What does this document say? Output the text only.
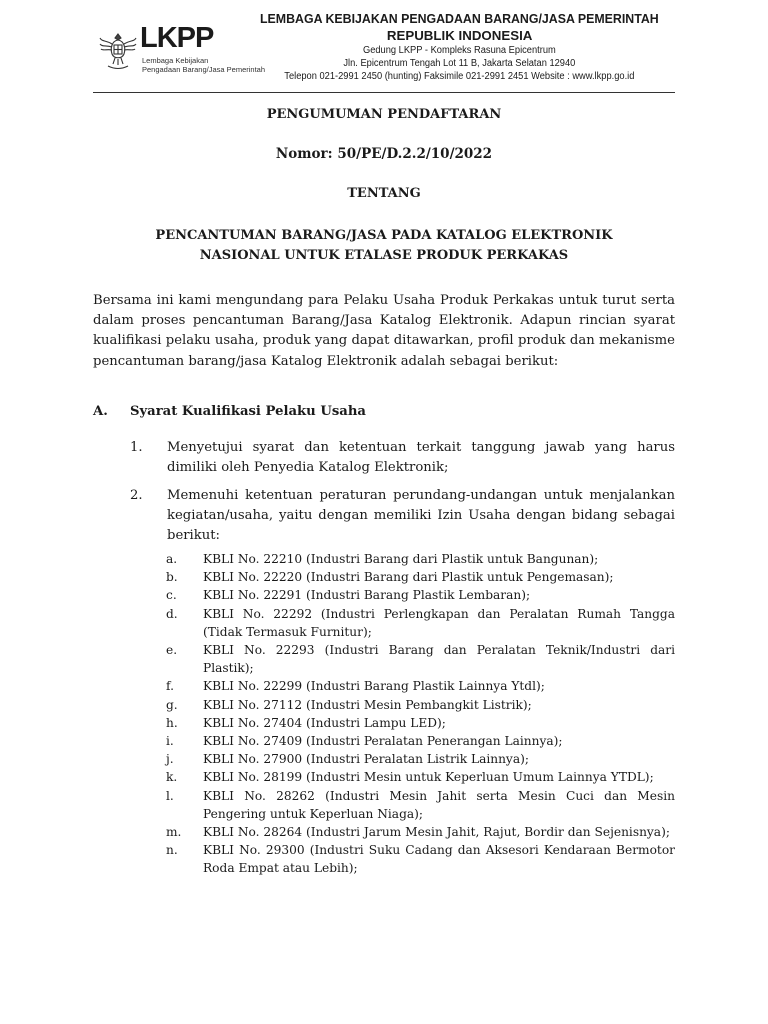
LKPP
Lembaga Kebijakan
Pengadaan Barang/Jasa Pemerintah
LEMBAGA KEBIJAKAN PENGADAAN BARANG/JASA PEMERINTAH
REPUBLIK INDONESIA
Gedung LKPP - Kompleks Rasuna Epicentrum
Jln. Epicentrum Tengah Lot 11 B, Jakarta Selatan 12940
Telepon 021-2991 2450 (hunting) Faksimile 021-2991 2451 Website : www.lkpp.go.id
PENGUMUMAN PENDAFTARAN
Nomor: 50/PE/D.2.2/10/2022
TENTANG
PENCANTUMAN BARANG/JASA PADA KATALOG ELEKTRONIK
NASIONAL UNTUK ETALASE PRODUK PERKAKAS
Bersama ini kami mengundang para Pelaku Usaha Produk Perkakas untuk turut serta dalam proses pencantuman Barang/Jasa Katalog Elektronik. Adapun rincian syarat kualifikasi pelaku usaha, produk yang dapat ditawarkan, profil produk dan mekanisme pencantuman barang/jasa Katalog Elektronik adalah sebagai berikut:
A. Syarat Kualifikasi Pelaku Usaha
1. Menyetujui syarat dan ketentuan terkait tanggung jawab yang harus dimiliki oleh Penyedia Katalog Elektronik;
2. Memenuhi ketentuan peraturan perundang-undangan untuk menjalankan kegiatan/usaha, yaitu dengan memiliki Izin Usaha dengan bidang sebagai berikut:
a. KBLI No. 22210 (Industri Barang dari Plastik untuk Bangunan);
b. KBLI No. 22220 (Industri Barang dari Plastik untuk Pengemasan);
c. KBLI No. 22291 (Industri Barang Plastik Lembaran);
d. KBLI No. 22292 (Industri Perlengkapan dan Peralatan Rumah Tangga (Tidak Termasuk Furnitur);
e. KBLI No. 22293 (Industri Barang dan Peralatan Teknik/Industri dari Plastik);
f. KBLI No. 22299 (Industri Barang Plastik Lainnya Ytdl);
g. KBLI No. 27112 (Industri Mesin Pembangkit Listrik);
h. KBLI No. 27404 (Industri Lampu LED);
i. KBLI No. 27409 (Industri Peralatan Penerangan Lainnya);
j. KBLI No. 27900 (Industri Peralatan Listrik Lainnya);
k. KBLI No. 28199 (Industri Mesin untuk Keperluan Umum Lainnya YTDL);
l. KBLI No. 28262 (Industri Mesin Jahit serta Mesin Cuci dan Mesin Pengering untuk Keperluan Niaga);
m. KBLI No. 28264 (Industri Jarum Mesin Jahit, Rajut, Bordir dan Sejenisnya);
n. KBLI No. 29300 (Industri Suku Cadang dan Aksesori Kendaraan Bermotor Roda Empat atau Lebih);
